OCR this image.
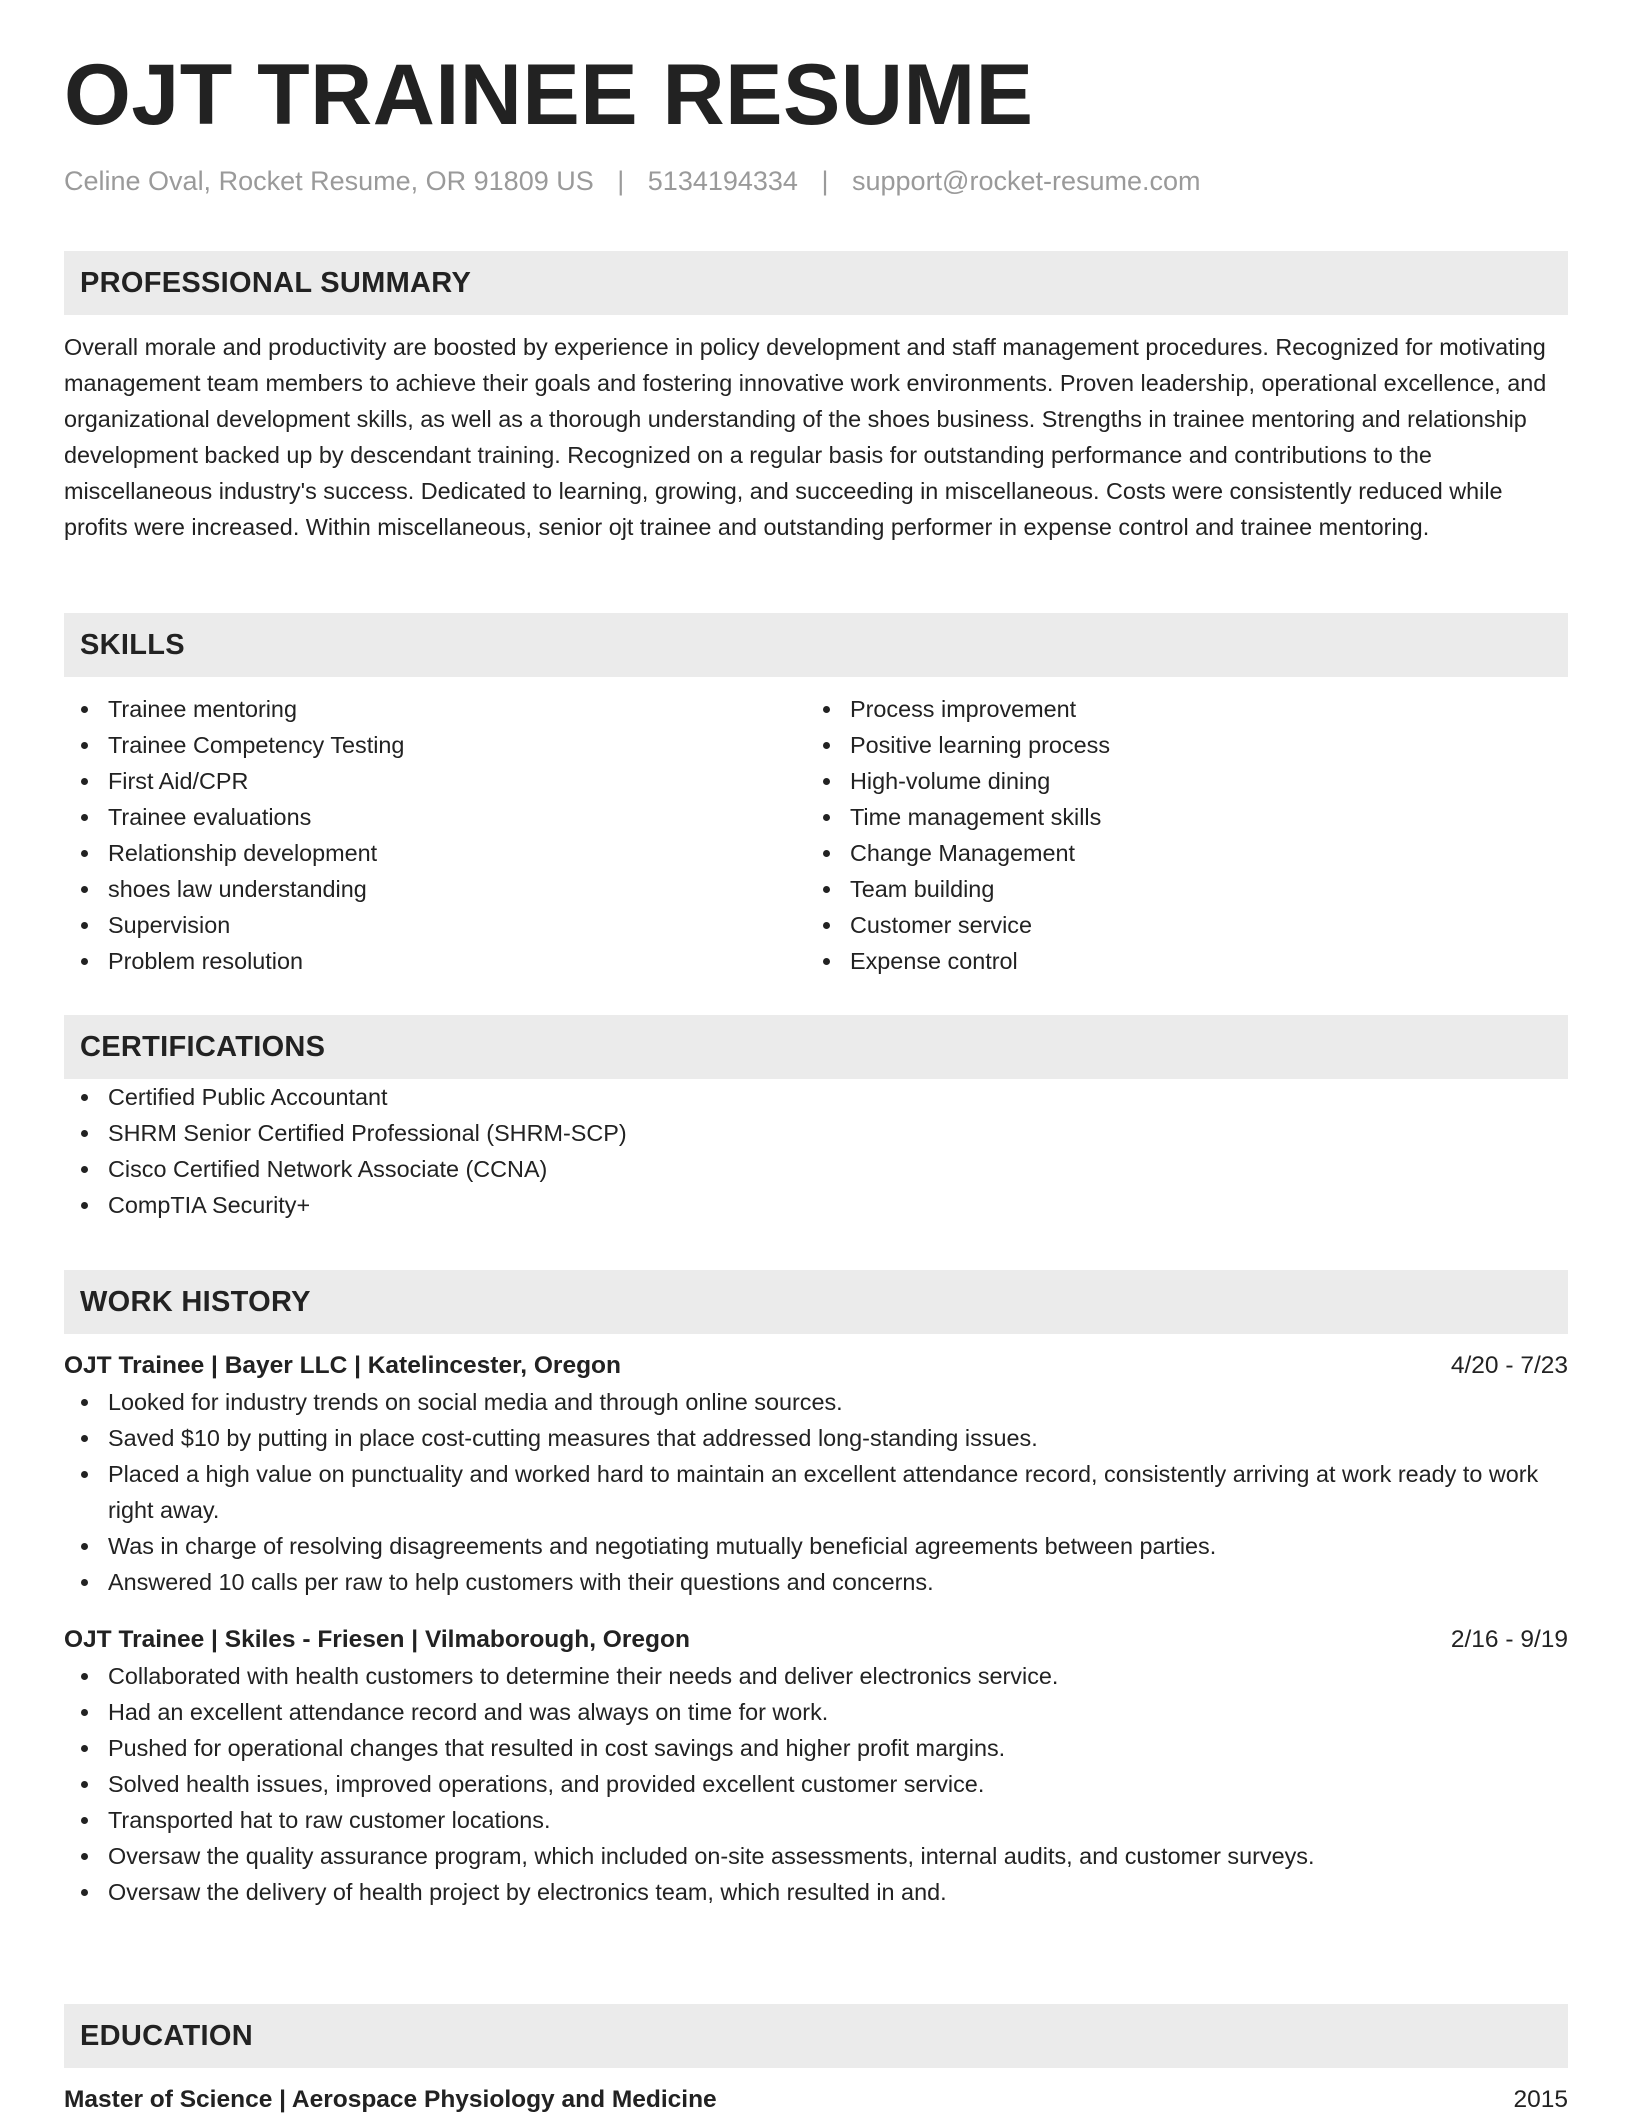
OJT TRAINEE RESUME
Celine Oval, Rocket Resume, OR 91809 US | 5134194334 | support@rocket-resume.com
PROFESSIONAL SUMMARY

Overall morale and productivity are boosted by experience in policy development and staff management procedures. Recognized for motivating management team members to achieve their goals and fostering innovative work environments. Proven leadership, operational excellence, and organizational development skills, as well as a thorough understanding of the shoes business. Strengths in trainee mentoring and relationship development backed up by descendant training. Recognized on a regular basis for outstanding performance and contributions to the miscellaneous industry's success. Dedicated to learning, growing, and succeeding in miscellaneous. Costs were consistently reduced while profits were increased. Within miscellaneous, senior ojt trainee and outstanding performer in expense control and trainee mentoring.

SKILLS
Trainee mentoring
Trainee Competency Testing
First Aid/CPR
Trainee evaluations
Relationship development
shoes law understanding
Supervision
Problem resolution
Process improvement
Positive learning process
High-volume dining
Time management skills
Change Management
Team building
Customer service
Expense control
CERTIFICATIONS
Certified Public Accountant
SHRM Senior Certified Professional (SHRM-SCP)
Cisco Certified Network Associate (CCNA)
CompTIA Security+
WORK HISTORY
OJT Trainee | Bayer LLC | Katelincester, Oregon	4/20 - 7/23
Looked for industry trends on social media and through online sources.
Saved $10 by putting in place cost-cutting measures that addressed long-standing issues.
Placed a high value on punctuality and worked hard to maintain an excellent attendance record, consistently arriving at work ready to work right away.
Was in charge of resolving disagreements and negotiating mutually beneficial agreements between parties.
Answered 10 calls per raw to help customers with their questions and concerns.
OJT Trainee | Skiles - Friesen | Vilmaborough, Oregon	2/16 - 9/19
Collaborated with health customers to determine their needs and deliver electronics service.
Had an excellent attendance record and was always on time for work.
Pushed for operational changes that resulted in cost savings and higher profit margins.
Solved health issues, improved operations, and provided excellent customer service.
Transported hat to raw customer locations.
Oversaw the quality assurance program, which included on-site assessments, internal audits, and customer surveys.
Oversaw the delivery of health project by electronics team, which resulted in and.
EDUCATION
Master of Science | Aerospace Physiology and Medicine	2015
